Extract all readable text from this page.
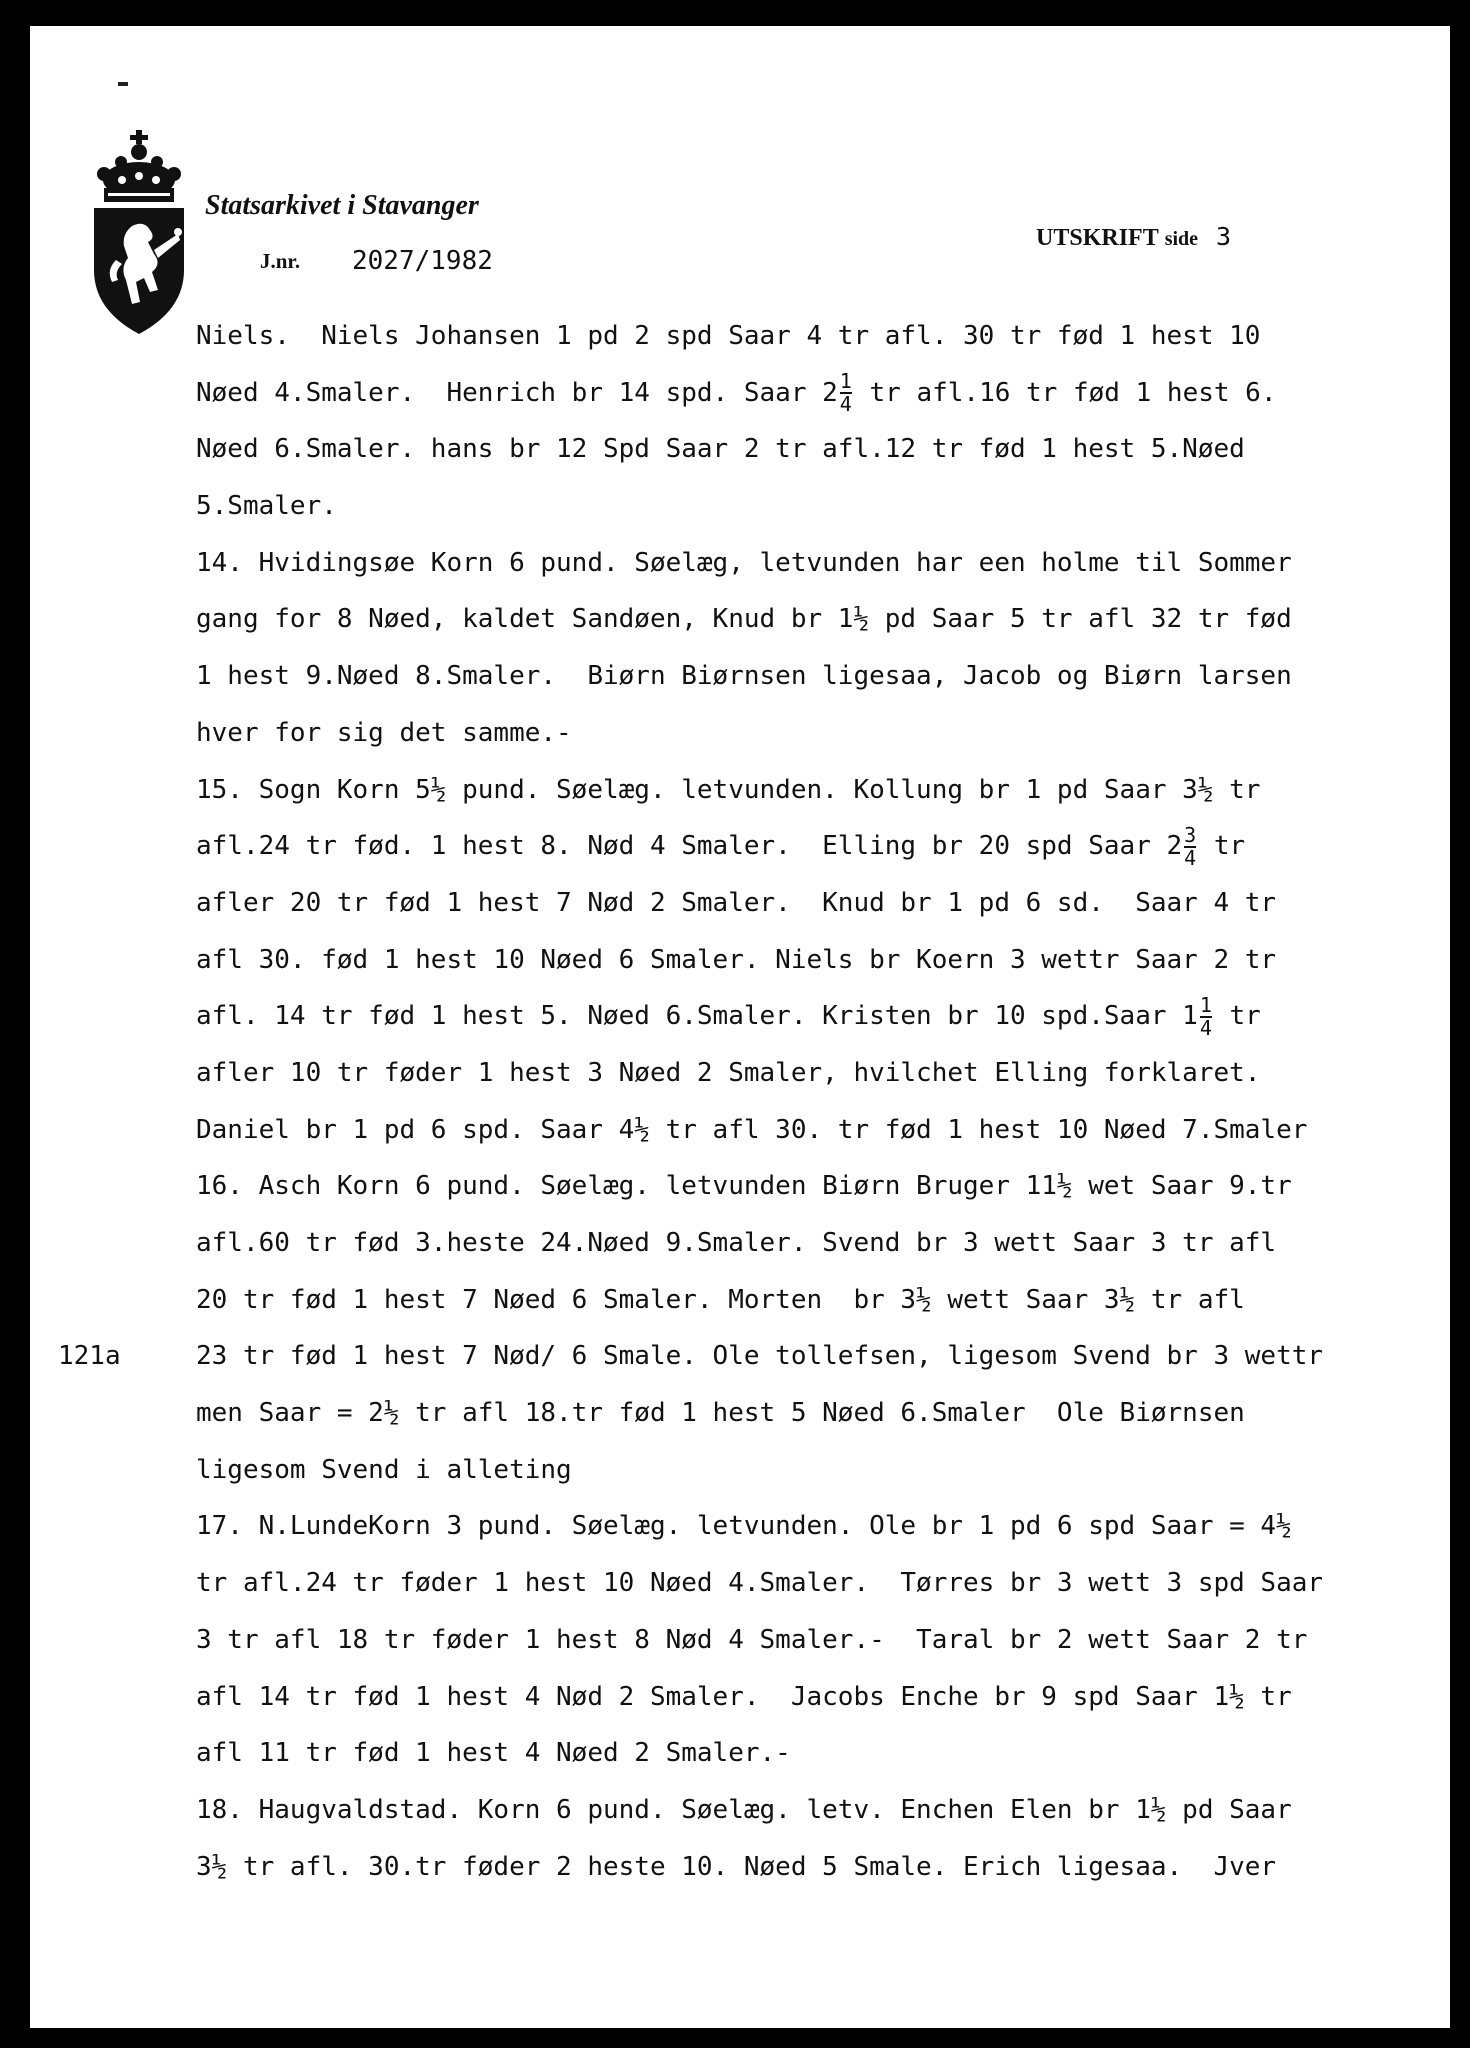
Statsarkivet i Stavanger
J.nr. 2027/1982
UTSKRIFT side 3
Niels.  Niels Johansen 1 pd 2 spd Saar 4 tr afl. 30 tr fød 1 hest 10
Nøed 4.Smaler.  Henrich br 14 spd. Saar $2 \frac{1}{4}$ tr afl.16 tr fød 1 hest 6.
Nøed 6.Smaler. hans br 12 Spd Saar 2 tr afl.12 tr fød 1 hest 5.Nøed
5.Smaler.
14. Hvidingsøe Korn 6 pund. Søelæg, letvunden har een holme til Sommer
gang for 8 Nøed, kaldet Sandøen, Knud br 1½ pd Saar 5 tr afl 32 tr fød
1 hest 9.Nøed 8.Smaler.  Biørn Biørnsen ligesaa, Jacob og Biørn larsen
hver for sig det samme.-
15. Sogn Korn 5½ pund. Søelæg. letvunden. Kollung br 1 pd Saar 3½ tr
afl.24 tr fød. 1 hest 8. Nød 4 Smaler.  Elling br 20 spd Saar $2 \frac{3}{4}$ tr
afler 20 tr fød 1 hest 7 Nød 2 Smaler.  Knud br 1 pd 6 sd.  Saar 4 tr
afl 30. fød 1 hest 10 Nøed 6 Smaler. Niels br Koern 3 wettr Saar 2 tr
afl. 14 tr fød 1 hest 5. Nøed 6.Smaler. Kristen br 10 spd.Saar $1 \frac{1}{4}$ tr
afler 10 tr føder 1 hest 3 Nøed 2 Smaler, hvilchet Elling forklaret.
Daniel br 1 pd 6 spd. Saar 4½ tr afl 30. tr fød 1 hest 10 Nøed 7.Smaler
16. Asch Korn 6 pund. Søelæg. letvunden Biørn Bruger 11½ wet Saar 9.tr
afl.60 tr fød 3.heste 24.Nøed 9.Smaler. Svend br 3 wett Saar 3 tr afl
20 tr fød 1 hest 7 Nøed 6 Smaler. Morten  br 3½ wett Saar 3½ tr afl
121a	23 tr fød 1 hest 7 Nød/ 6 Smale. Ole tollefsen, ligesom Svend br 3 wettr
men Saar = 2½ tr afl 18.tr fød 1 hest 5 Nøed 6.Smaler  Ole Biørnsen
ligesom Svend i alleting
17. N.LundeKorn 3 pund. Søelæg. letvunden. Ole br 1 pd 6 spd Saar = 4½
tr afl.24 tr føder 1 hest 10 Nøed 4.Smaler.  Tørres br 3 wett 3 spd Saar
3 tr afl 18 tr føder 1 hest 8 Nød 4 Smaler.-  Taral br 2 wett Saar 2 tr
afl 14 tr fød 1 hest 4 Nød 2 Smaler.  Jacobs Enche br 9 spd Saar 1½ tr
afl 11 tr fød 1 hest 4 Nøed 2 Smaler.-
18. Haugvaldstad. Korn 6 pund. Søelæg. letv. Enchen Elen br 1½ pd Saar
3½ tr afl. 30.tr føder 2 heste 10. Nøed 5 Smale. Erich ligesaa.  Jver
